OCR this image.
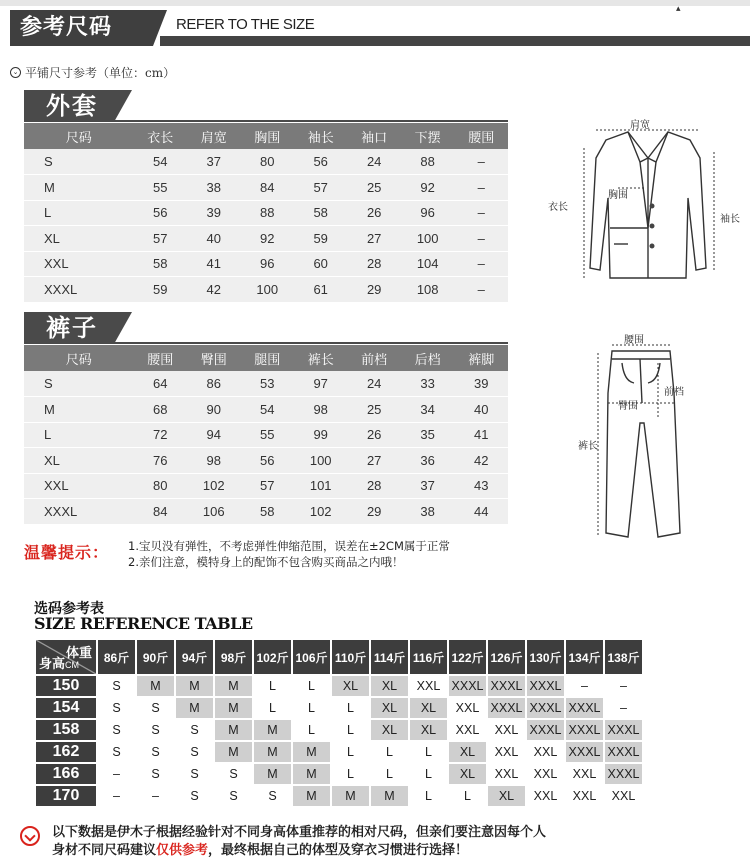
参考尺码	REFER TO THE SIZE
▴
⌄ 平铺尺寸参考（单位：cm）
外套
尺码	衣长	肩宽	胸围	袖长	袖口	下摆	腰围
S	54	37	80	56	24	88	–
M	55	38	84	57	25	92	–
L	56	39	88	58	26	96	–
XL	57	40	92	59	27	100	–
XXL	58	41	96	60	28	104	–
XXXL	59	42	100	61	29	108	–
裤子
尺码	腰围	臀围	腿围	裤长	前档	后档	裤脚
S	64	86	53	97	24	33	39
M	68	90	54	98	25	34	40
L	72	94	55	99	26	35	41
XL	76	98	56	100	27	36	42
XXL	80	102	57	101	28	37	43
XXXL	84	106	58	102	29	38	44
肩宽
衣长
胸围
袖长
腰围
前档
臀围
裤长
温馨提示： 1.宝贝没有弹性，不考虑弹性伸缩范围，误差在±2CM属于正常
2.亲们注意，模特身上的配饰不包含购买商品之内哦！
选码参考表
SIZE REFERENCE TABLE
体重
身高CM	86斤	90斤	94斤	98斤	102斤	106斤	110斤	114斤	116斤	122斤	126斤	130斤	134斤	138斤
150	S	M	M	M	L	L	XL	XL	XXL	XXXL	XXXL	XXXL	–	–
154	S	S	M	M	L	L	L	XL	XL	XXL	XXXL	XXXL	XXXL	–
158	S	S	S	M	M	L	L	XL	XL	XXL	XXL	XXXL	XXXL	XXXL
162	S	S	S	M	M	M	L	L	L	XL	XXL	XXL	XXXL	XXXL
166	–	S	S	S	M	M	L	L	L	XL	XXL	XXL	XXL	XXXL
170	–	–	S	S	S	M	M	M	L	L	XL	XXL	XXL	XXL
以下数据是伊木子根据经验针对不同身高体重推荐的相对尺码，但亲们要注意因每个人
身材不同尺码建议仅供参考，最终根据自己的体型及穿衣习惯进行选择！
